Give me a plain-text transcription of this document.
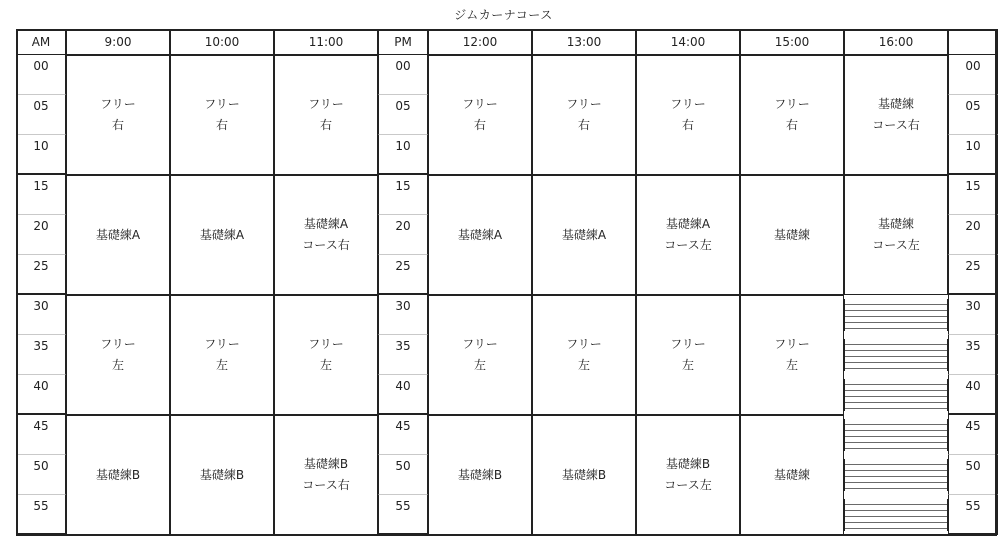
ジムカーナコース
AM
00
05
10
15
20
25
30
35
40
45
50
55
9:00
フリー
右
基礎練A
フリー
左
基礎練B
10:00
フリー
右
基礎練A
フリー
左
基礎練B
11:00
フリー
右
基礎練A
コース右
フリー
左
基礎練B
コース右
PM
00
05
10
15
20
25
30
35
40
45
50
55
12:00
フリー
右
基礎練A
フリー
左
基礎練B
13:00
フリー
右
基礎練A
フリー
左
基礎練B
14:00
フリー
右
基礎練A
コース左
フリー
左
基礎練B
コース左
15:00
フリー
右
基礎練
フリー
左
基礎練
16:00
基礎練
コース右
基礎練
コース左
00
05
10
15
20
25
30
35
40
45
50
55
